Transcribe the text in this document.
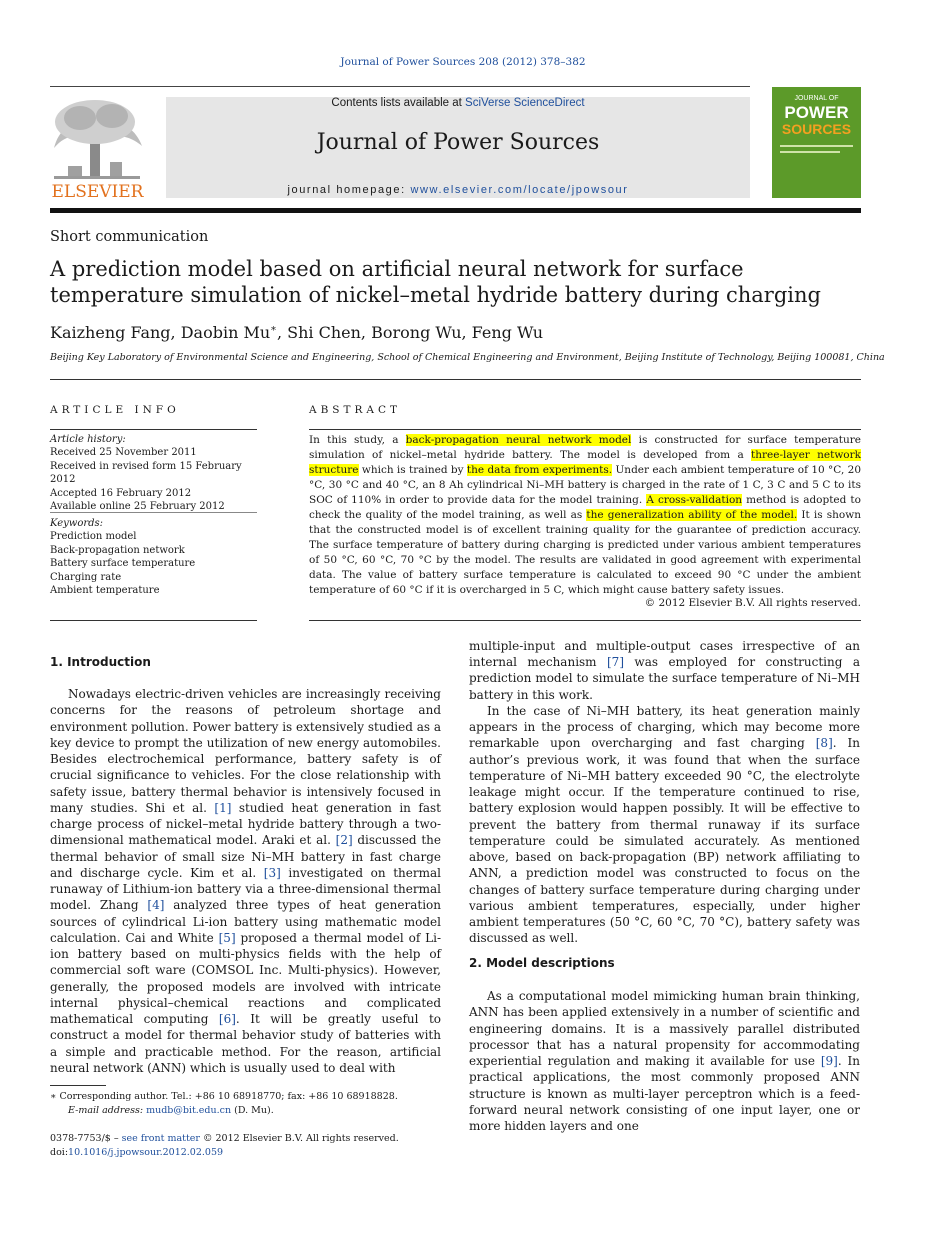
Journal of Power Sources 208 (2012) 378–382
ELSEVIER
Contents lists available at SciVerse ScienceDirect
Journal of Power Sources
journal homepage: www.elsevier.com/locate/jpowsour
JOURNAL OF
POWER
SOURCES
Short communication
A prediction model based on artificial neural network for surface temperature simulation of nickel–metal hydride battery during charging
Kaizheng Fang, Daobin Mu∗, Shi Chen, Borong Wu, Feng Wu
Beijing Key Laboratory of Environmental Science and Engineering, School of Chemical Engineering and Environment, Beijing Institute of Technology, Beijing 100081, China
ARTICLE INFO	ABSTRACT
Article history:
Received 25 November 2011
Received in revised form 15 February 2012
Accepted 16 February 2012
Available online 25 February 2012
Keywords:
Prediction model
Back-propagation network
Battery surface temperature
Charging rate
Ambient temperature
In this study, a back-propagation neural network model is constructed for surface temperature simulation of nickel–metal hydride battery. The model is developed from a three-layer network structure which is trained by the data from experiments. Under each ambient temperature of 10 °C, 20 °C, 30 °C and 40 °C, an 8 Ah cylindrical Ni–MH battery is charged in the rate of 1 C, 3 C and 5 C to its SOC of 110% in order to provide data for the model training. A cross-validation method is adopted to check the quality of the model training, as well as the generalization ability of the model. It is shown that the constructed model is of excellent training quality for the guarantee of prediction accuracy. The surface temperature of battery during charging is predicted under various ambient temperatures of 50 °C, 60 °C, 70 °C by the model. The results are validated in good agreement with experimental data. The value of battery surface temperature is calculated to exceed 90 °C under the ambient temperature of 60 °C if it is overcharged in 5 C, which might cause battery safety issues.
© 2012 Elsevier B.V. All rights reserved.
1. Introduction

Nowadays electric-driven vehicles are increasingly receiving concerns for the reasons of petroleum shortage and environment pollution. Power battery is extensively studied as a key device to prompt the utilization of new energy automobiles. Besides electrochemical performance, battery safety is of crucial significance to vehicles. For the close relationship with safety issue, battery thermal behavior is intensively focused in many studies. Shi et al. [1] studied heat generation in fast charge process of nickel–metal hydride battery through a two-dimensional mathematical model. Araki et al. [2] discussed the thermal behavior of small size Ni–MH battery in fast charge and discharge cycle. Kim et al. [3] investigated on thermal runaway of Lithium-ion battery via a three-dimensional thermal model. Zhang [4] analyzed three types of heat generation sources of cylindrical Li-ion battery using mathematic model calculation. Cai and White [5] proposed a thermal model of Li-ion battery based on multi-physics fields with the help of commercial soft ware (COMSOL Inc. Multi-physics). However, generally, the proposed models are involved with intricate internal physical–chemical reactions and complicated mathematical computing [6]. It will be greatly useful to construct a model for thermal behavior study of batteries with a simple and practicable method. For the reason, artificial neural network (ANN) which is usually used to deal with

multiple-input and multiple-output cases irrespective of an internal mechanism [7] was employed for constructing a prediction model to simulate the surface temperature of Ni–MH battery in this work.

In the case of Ni–MH battery, its heat generation mainly appears in the process of charging, which may become more remarkable upon overcharging and fast charging [8]. In author’s previous work, it was found that when the surface temperature of Ni–MH battery exceeded 90 °C, the electrolyte leakage might occur. If the temperature continued to rise, battery explosion would happen possibly. It will be effective to prevent the battery from thermal runaway if its surface temperature could be simulated accurately. As mentioned above, based on back-propagation (BP) network affiliating to ANN, a prediction model was constructed to focus on the changes of battery surface temperature during charging under various ambient temperatures, especially, under higher ambient temperatures (50 °C, 60 °C, 70 °C), battery safety was discussed as well.

2. Model descriptions

As a computational model mimicking human brain thinking, ANN has been applied extensively in a number of scientific and engineering domains. It is a massively parallel distributed processor that has a natural propensity for accommodating experiential regulation and making it available for use [9]. In practical applications, the most commonly proposed ANN structure is known as multi-layer perceptron which is a feed-forward neural network consisting of one input layer, one or more hidden layers and one

∗ Corresponding author. Tel.: +86 10 68918770; fax: +86 10 68918828.
E-mail address: mudb@bit.edu.cn (D. Mu).
0378-7753/$ – see front matter © 2012 Elsevier B.V. All rights reserved.
doi:10.1016/j.jpowsour.2012.02.059
